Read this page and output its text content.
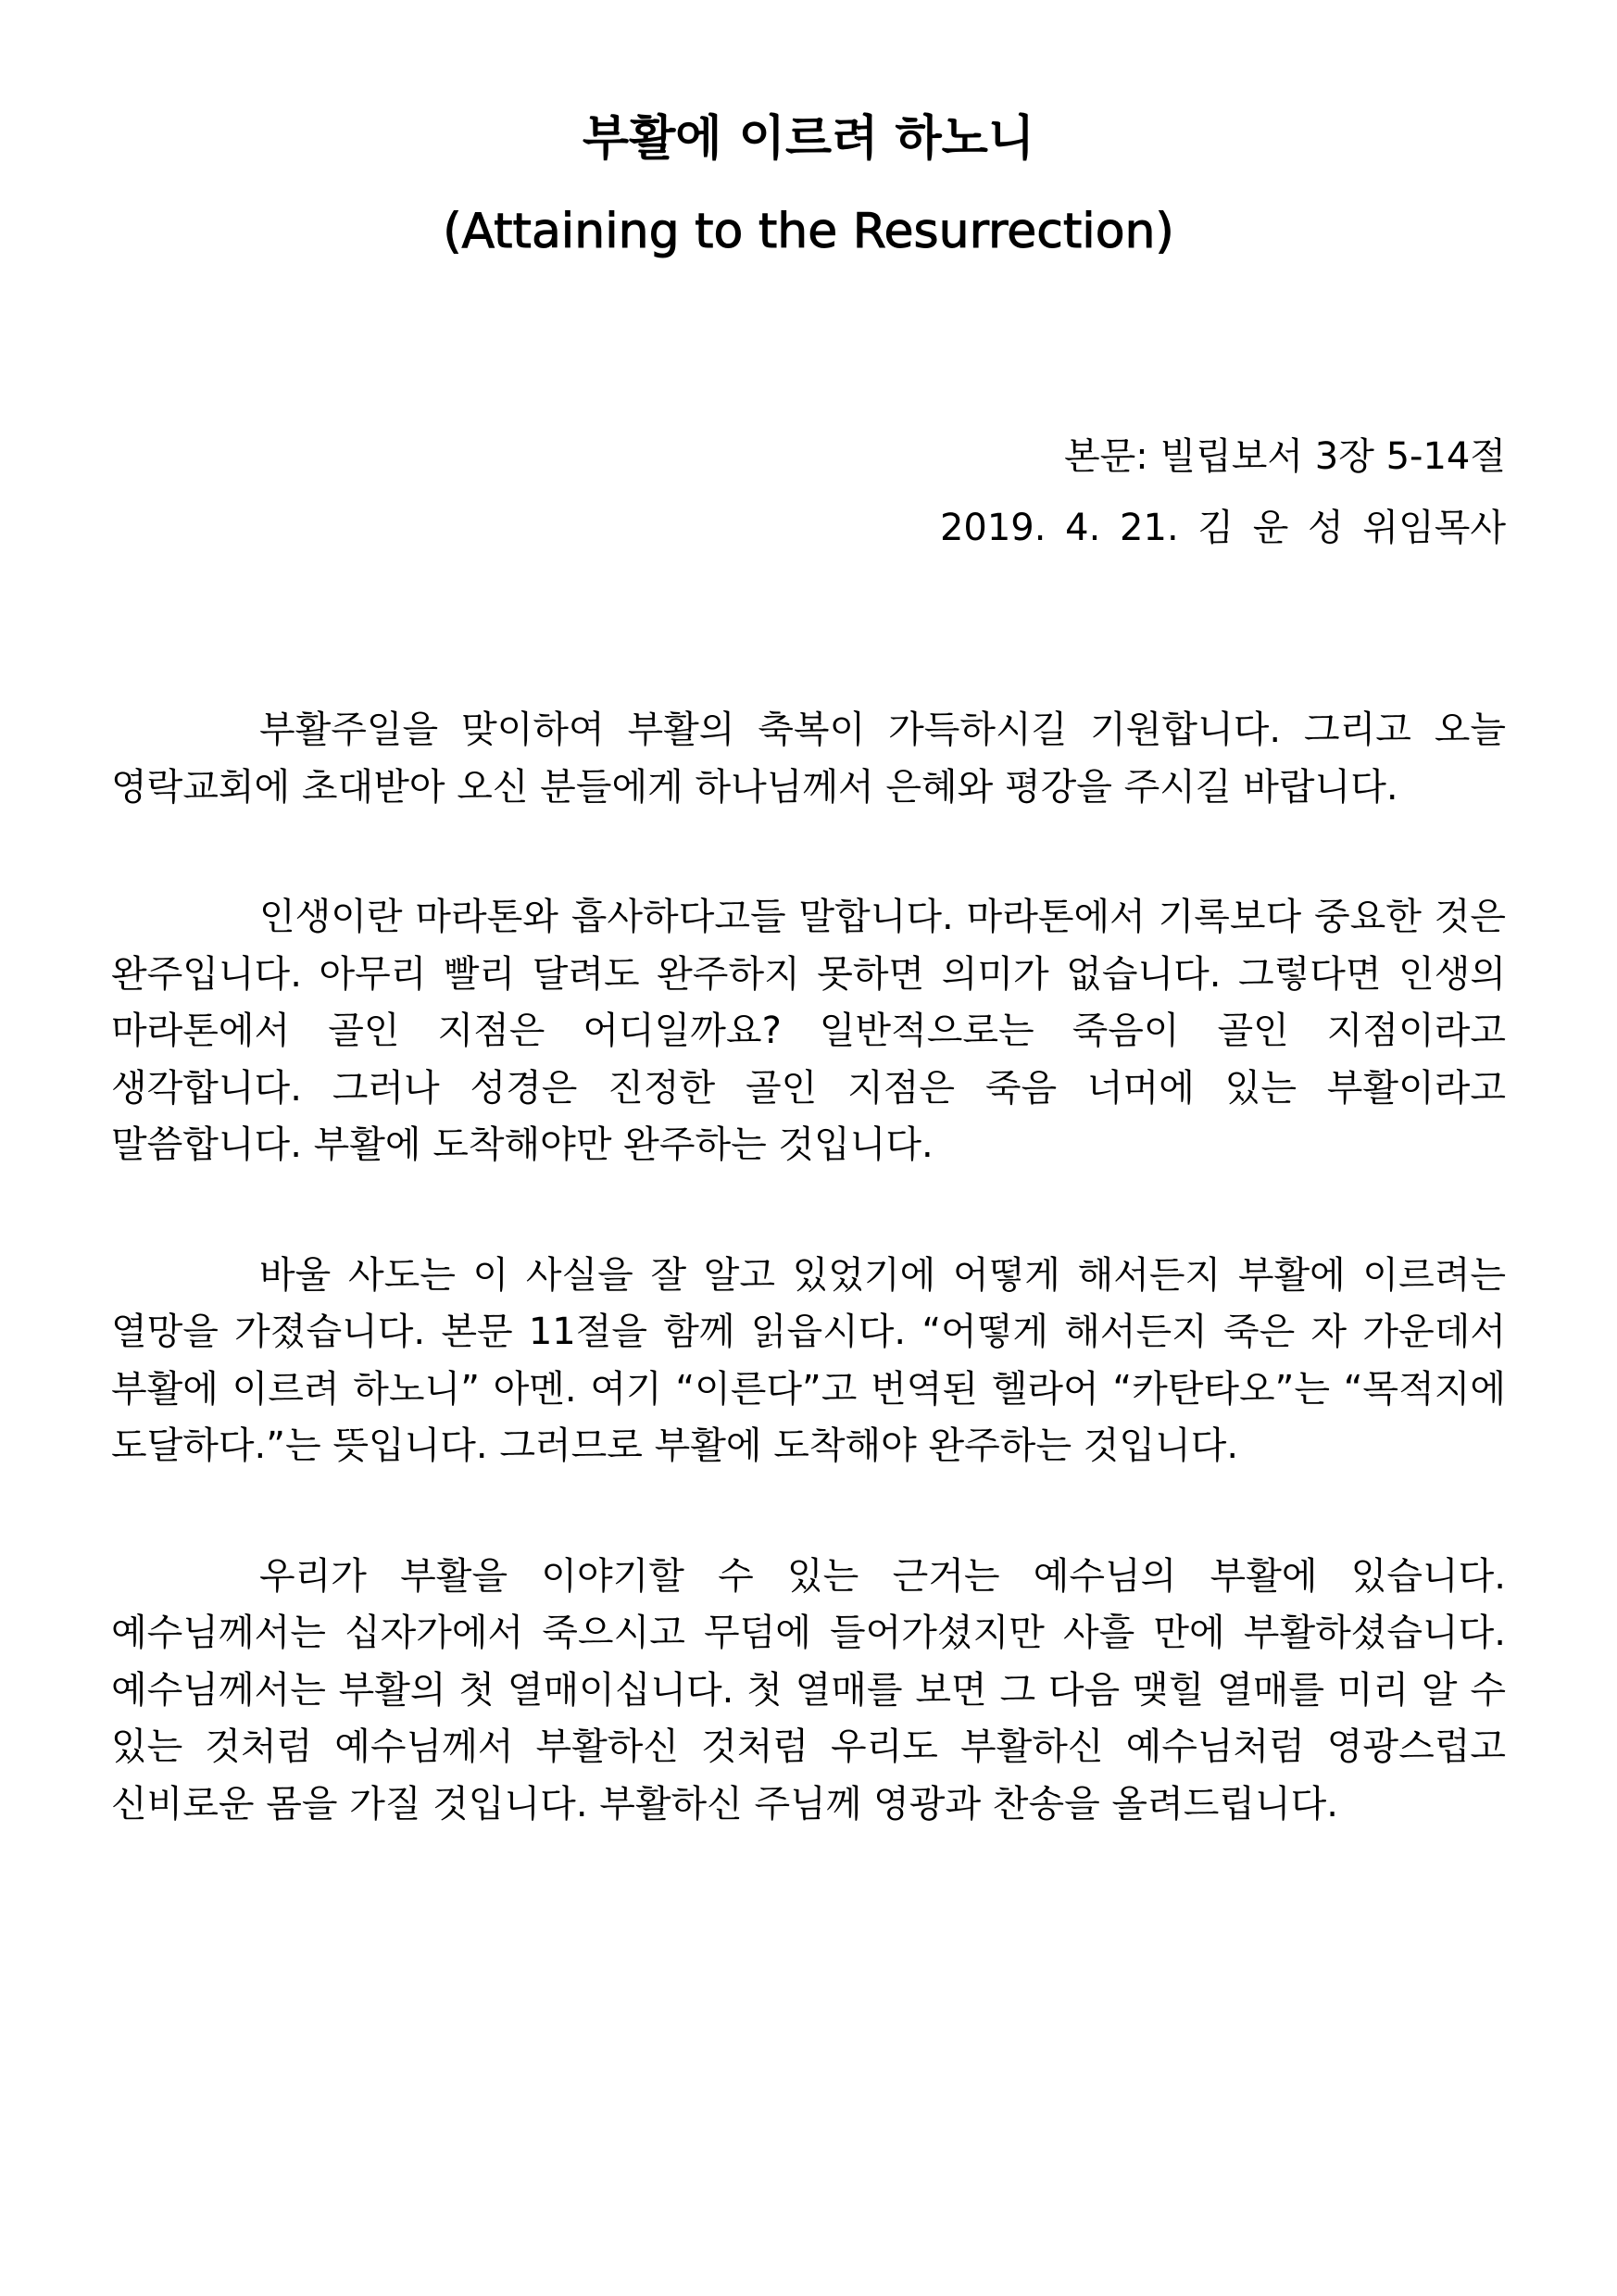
부활에 이르려 하노니
(Attaining to the Resurrection)
본문: 빌립보서 3장 5-14절
2019. 4. 21. 김 운 성 위임목사

부활주일을 맞이하여 부활의 축복이 가득하시길 기원합니다. 그리고 오늘 영락교회에 초대받아 오신 분들에게 하나님께서 은혜와 평강을 주시길 바랍니다.

인생이란 마라톤와 흡사하다고들 말합니다. 마라톤에서 기록보다 중요한 것은 완주입니다. 아무리 빨리 달려도 완주하지 못하면 의미가 없습니다. 그렇다면 인생의 마라톤에서 골인 지점은 어디일까요? 일반적으로는 죽음이 골인 지점이라고 생각합니다. 그러나 성경은 진정한 골인 지점은 죽음 너머에 있는 부활이라고 말씀합니다. 부활에 도착해야만 완주하는 것입니다.

바울 사도는 이 사실을 잘 알고 있었기에 어떻게 해서든지 부활에 이르려는 열망을 가졌습니다. 본문 11절을 함께 읽읍시다. “어떻게 해서든지 죽은 자 가운데서 부활에 이르려 하노니” 아멘. 여기 “이른다”고 번역된 헬라어 “카탄타오”는 “목적지에 도달하다.”는 뜻입니다. 그러므로 부활에 도착해야 완주하는 것입니다.

우리가 부활을 이야기할 수 있는 근거는 예수님의 부활에 있습니다. 예수님께서는 십자가에서 죽으시고 무덤에 들어가셨지만 사흘 만에 부활하셨습니다. 예수님께서는 부활의 첫 열매이십니다. 첫 열매를 보면 그 다음 맺힐 열매를 미리 알 수 있는 것처럼 예수님께서 부활하신 것처럼 우리도 부활하신 예수님처럼 영광스럽고 신비로운 몸을 가질 것입니다. 부활하신 주님께 영광과 찬송을 올려드립니다.
